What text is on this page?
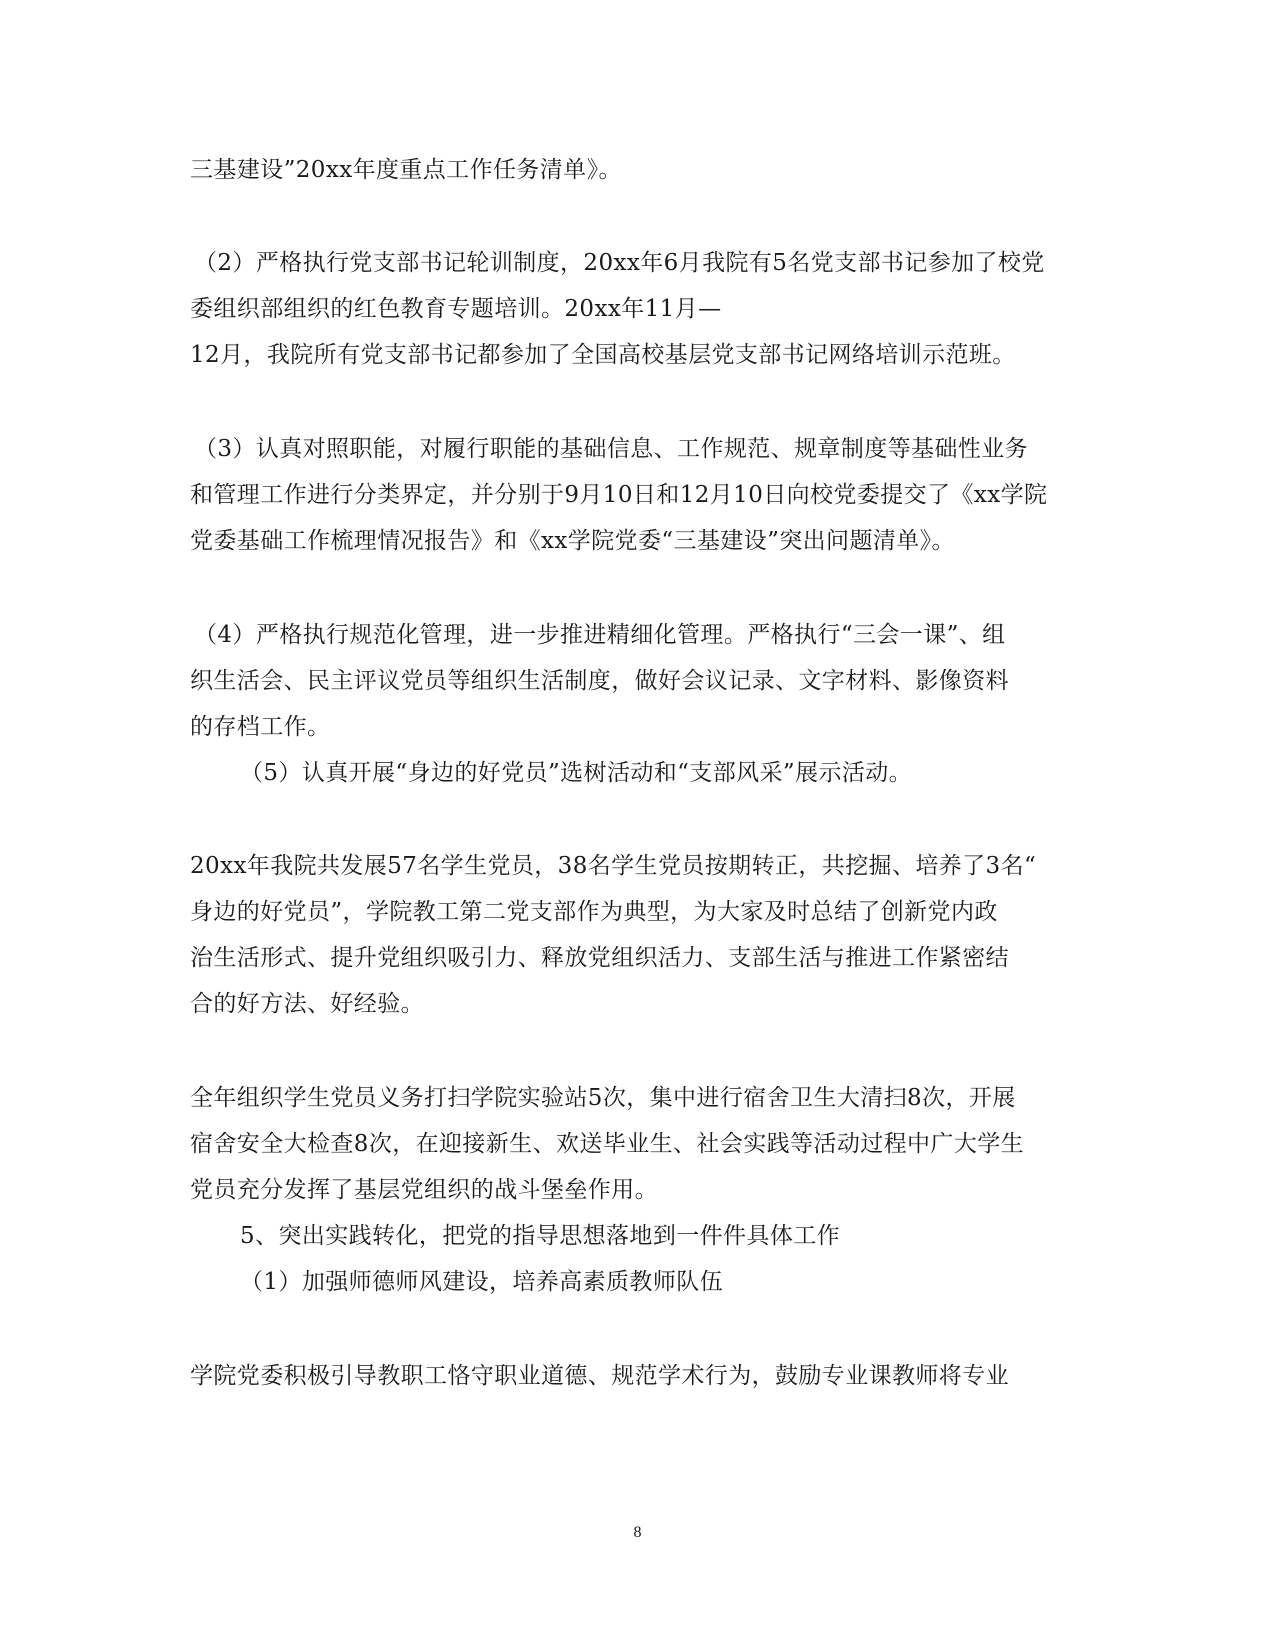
三基建设”20xx年度重点工作任务清单》。
（2）严格执行党支部书记轮训制度，20xx年6月我院有5名党支部书记参加了校党
委组织部组织的红色教育专题培训。20xx年11月—
12月，我院所有党支部书记都参加了全国高校基层党支部书记网络培训示范班。
（3）认真对照职能，对履行职能的基础信息、工作规范、规章制度等基础性业务
和管理工作进行分类界定，并分别于9月10日和12月10日向校党委提交了《xx学院
党委基础工作梳理情况报告》和《xx学院党委“三基建设”突出问题清单》。
（4）严格执行规范化管理，进一步推进精细化管理。严格执行“三会一课”、组
织生活会、民主评议党员等组织生活制度，做好会议记录、文字材料、影像资料
的存档工作。
（5）认真开展“身边的好党员”选树活动和“支部风采”展示活动。
20xx年我院共发展57名学生党员，38名学生党员按期转正，共挖掘、培养了3名“
身边的好党员”，学院教工第二党支部作为典型，为大家及时总结了创新党内政
治生活形式、提升党组织吸引力、释放党组织活力、支部生活与推进工作紧密结
合的好方法、好经验。
全年组织学生党员义务打扫学院实验站5次，集中进行宿舍卫生大清扫8次，开展
宿舍安全大检查8次，在迎接新生、欢送毕业生、社会实践等活动过程中广大学生
党员充分发挥了基层党组织的战斗堡垒作用。
5、突出实践转化，把党的指导思想落地到一件件具体工作
（1）加强师德师风建设，培养高素质教师队伍
学院党委积极引导教职工恪守职业道德、规范学术行为，鼓励专业课教师将专业
8
